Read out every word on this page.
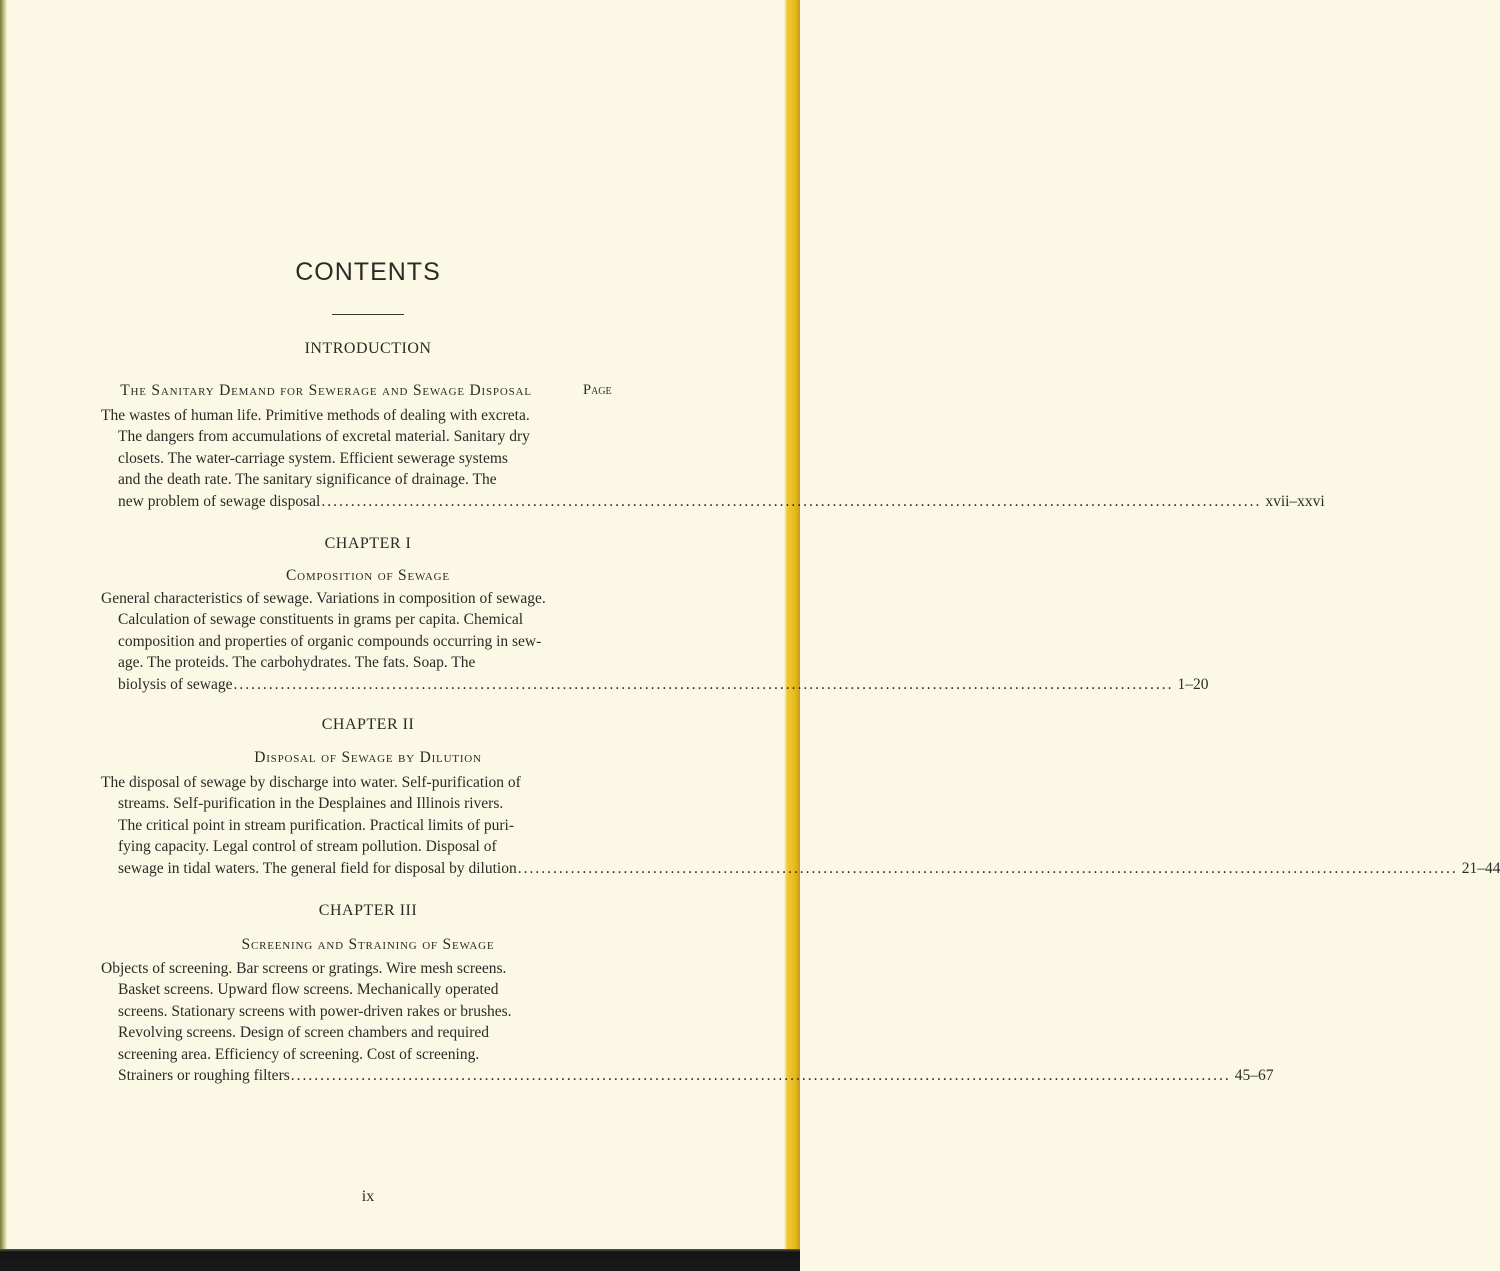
CONTENTS
INTRODUCTION
The Sanitary Demand for Sewerage and Sewage Disposal	Page
The wastes of human life. Primitive methods of dealing with excreta.
The dangers from accumulations of excretal material. Sanitary dry
closets. The water-carriage system. Efficient sewerage systems
and the death rate. The sanitary significance of drainage. The
new problem of sewage disposal ................................................................................................................................................................ xvii–xxvi
CHAPTER I
Composition of Sewage
General characteristics of sewage. Variations in composition of sewage.
Calculation of sewage constituents in grams per capita. Chemical
composition and properties of organic compounds occurring in sew-
age. The proteids. The carbohydrates. The fats. Soap. The
biolysis of sewage ................................................................................................................................................................ 1–20
CHAPTER II
Disposal of Sewage by Dilution
The disposal of sewage by discharge into water. Self-purification of
streams. Self-purification in the Desplaines and Illinois rivers.
The critical point in stream purification. Practical limits of puri-
fying capacity. Legal control of stream pollution. Disposal of
sewage in tidal waters. The general field for disposal by dilution ................................................................................................................................................................ 21–44
CHAPTER III
Screening and Straining of Sewage
Objects of screening. Bar screens or gratings. Wire mesh screens.
Basket screens. Upward flow screens. Mechanically operated
screens. Stationary screens with power-driven rakes or brushes.
Revolving screens. Design of screen chambers and required
screening area. Efficiency of screening. Cost of screening.
Strainers or roughing filters ................................................................................................................................................................ 45–67
ix
